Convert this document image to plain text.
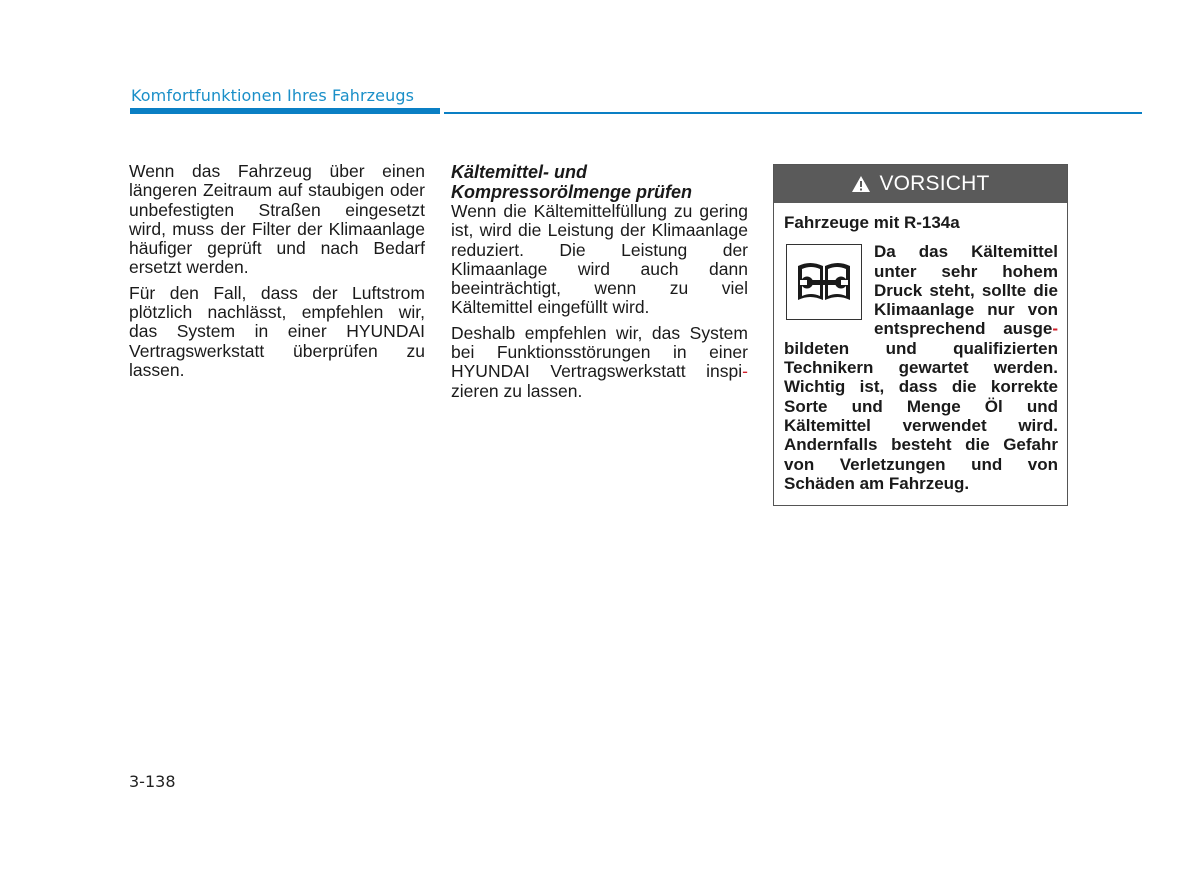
Komfortfunktionen Ihres Fahrzeugs

Wenn das Fahrzeug über einen längeren Zeitraum auf staubigen oder unbefestigten Straßen eingesetzt wird, muss der Filter der Klimaanlage häufiger geprüft und nach Bedarf ersetzt werden.

Für den Fall, dass der Luftstrom plötzlich nachlässt, empfehlen wir, das System in einer HYUNDAI Vertragswerkstatt überprüfen zu lassen.

Kältemittel- und Kompressorölmenge prüfen

Wenn die Kältemittelfüllung zu gering ist, wird die Leistung der Klimaanlage reduziert. Die Leistung der Klimaanlage wird auch dann beeinträchtigt, wenn zu viel Kältemittel eingefüllt wird.

Deshalb empfehlen wir, das System bei Funktionsstörungen in einer HYUNDAI Vertragswerkstatt inspi-zieren zu lassen.

VORSICHT
Fahrzeuge mit R-134a
Da das Kältemittel unter sehr hohem Druck steht, sollte die Klimaanlage nur von entsprechend ausge-bildeten und qualifizierten Technikern gewartet werden. Wichtig ist, dass die korrekte Sorte und Menge Öl und Kältemittel verwendet wird. Andernfalls besteht die Gefahr von Verletzungen und von Schäden am Fahrzeug.
3-138
